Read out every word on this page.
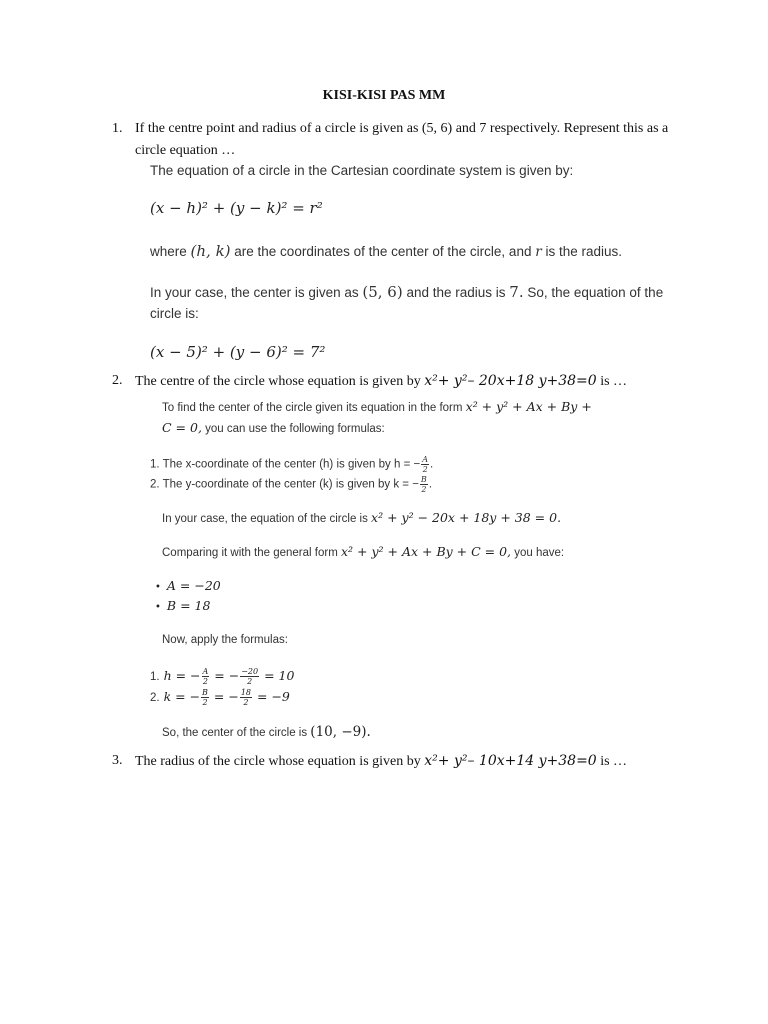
KISI-KISI PAS MM
1. If the centre point and radius of a circle is given as (5, 6) and 7 respectively. Represent this as a
circle equation …
The equation of a circle in the Cartesian coordinate system is given by:
(x − h)² + (y − k)² = r²
where (h, k) are the coordinates of the center of the circle, and r is the radius.
In your case, the center is given as (5, 6) and the radius is 7. So, the equation of the
circle is:
(x − 5)² + (y − 6)² = 7²
2. The centre of the circle whose equation is given by x²+ y²– 20x+18 y+38=0 is …
To find the center of the circle given its equation in the form x² + y² + Ax + By +
C = 0, you can use the following formulas:
1. The x-coordinate of the center (h) is given by h = − $\frac{A}{2}$ .
2. The y-coordinate of the center (k) is given by k = − $\frac{B}{2}$ .
In your case, the equation of the circle is x² + y² − 20x + 18y + 38 = 0.
Comparing it with the general form x² + y² + Ax + By + C = 0, you have:
• A = −20
• B = 18
Now, apply the formulas:
1. h = − $\frac{A}{2}$ = − $\frac{-20}{2} = 10$
2. k = − $\frac{B}{2}$ = − $\frac{18}{2} = -9$
So, the center of the circle is (10, −9).
3. The radius of the circle whose equation is given by x²+ y²– 10x+14 y+38=0 is …
